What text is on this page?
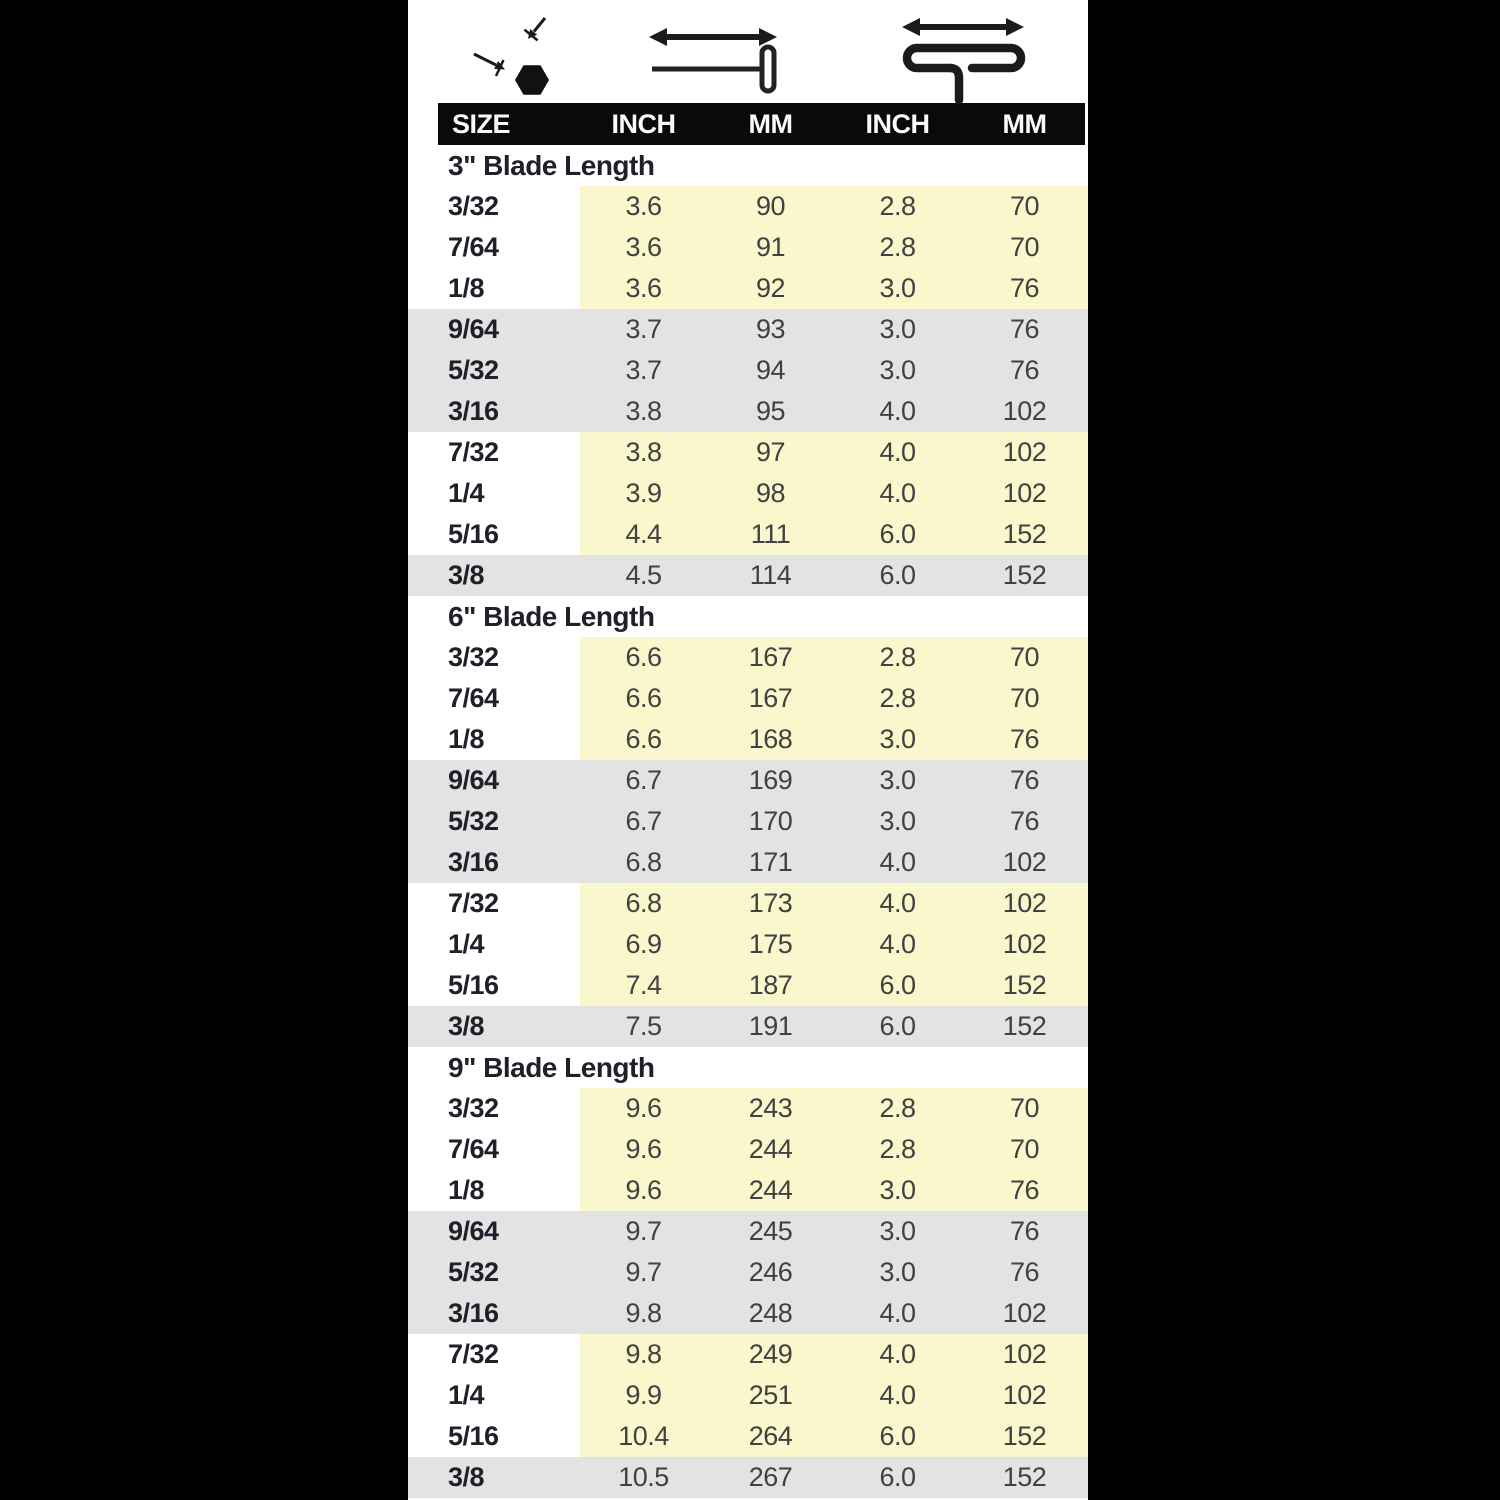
SIZE	INCH	MM	INCH	MM
3" Blade Length
3/32	3.6	90	2.8	70
7/64	3.6	91	2.8	70
1/8	3.6	92	3.0	76
9/64	3.7	93	3.0	76
5/32	3.7	94	3.0	76
3/16	3.8	95	4.0	102
7/32	3.8	97	4.0	102
1/4	3.9	98	4.0	102
5/16	4.4	111	6.0	152
3/8	4.5	114	6.0	152
6" Blade Length
3/32	6.6	167	2.8	70
7/64	6.6	167	2.8	70
1/8	6.6	168	3.0	76
9/64	6.7	169	3.0	76
5/32	6.7	170	3.0	76
3/16	6.8	171	4.0	102
7/32	6.8	173	4.0	102
1/4	6.9	175	4.0	102
5/16	7.4	187	6.0	152
3/8	7.5	191	6.0	152
9" Blade Length
3/32	9.6	243	2.8	70
7/64	9.6	244	2.8	70
1/8	9.6	244	3.0	76
9/64	9.7	245	3.0	76
5/32	9.7	246	3.0	76
3/16	9.8	248	4.0	102
7/32	9.8	249	4.0	102
1/4	9.9	251	4.0	102
5/16	10.4	264	6.0	152
3/8	10.5	267	6.0	152
